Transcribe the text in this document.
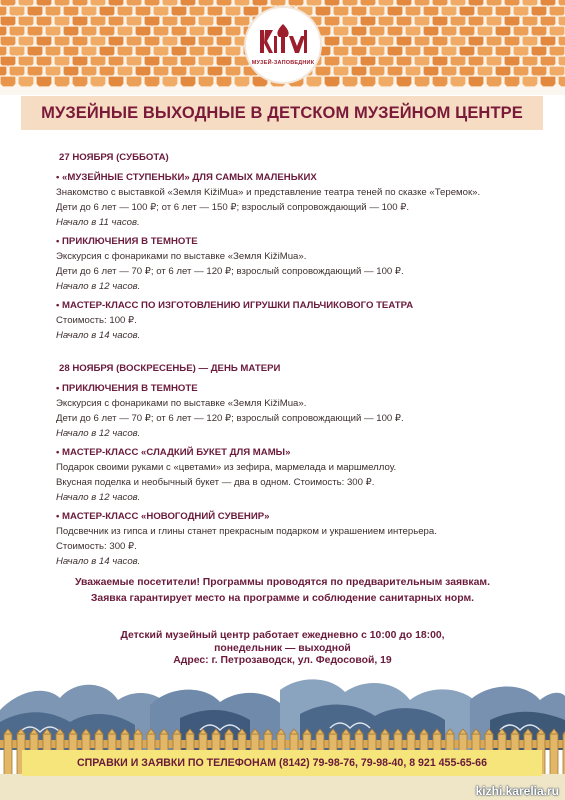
МУЗЕЙ-ЗАПОВЕДНИК
МУЗЕЙНЫЕ ВЫХОДНЫЕ В ДЕТСКОМ МУЗЕЙНОМ ЦЕНТРЕ
27 НОЯБРЯ (СУББОТА)
• «МУЗЕЙНЫЕ СТУПЕНЬКИ» ДЛЯ САМЫХ МАЛЕНЬКИХ
Знакомство с выставкой «Земля KižiMua» и представление театра теней по сказке «Теремок».
Дети до 6 лет — 100 ₽; от 6 лет — 150 ₽; взрослый сопровождающий — 100 ₽.
Начало в 11 часов.
• ПРИКЛЮЧЕНИЯ В ТЕМНОТЕ
Экскурсия с фонариками по выставке «Земля KižiMua».
Дети до 6 лет — 70 ₽; от 6 лет — 120 ₽; взрослый сопровождающий — 100 ₽.
Начало в 12 часов.
• МАСТЕР-КЛАСС ПО ИЗГОТОВЛЕНИЮ ИГРУШКИ ПАЛЬЧИКОВОГО ТЕАТРА
Стоимость: 100 ₽.
Начало в 14 часов.
28 НОЯБРЯ (ВОСКРЕСЕНЬЕ) — ДЕНЬ МАТЕРИ
• ПРИКЛЮЧЕНИЯ В ТЕМНОТЕ
Экскурсия с фонариками по выставке «Земля KižiMua».
Дети до 6 лет — 70 ₽; от 6 лет — 120 ₽; взрослый сопровождающий — 100 ₽.
Начало в 12 часов.
• МАСТЕР-КЛАСС «СЛАДКИЙ БУКЕТ ДЛЯ МАМЫ»
Подарок своими руками с «цветами» из зефира, мармелада и маршмеллоу.
Вкусная поделка и необычный букет — два в одном. Стоимость: 300 ₽.
Начало в 12 часов.
• МАСТЕР-КЛАСС «НОВОГОДНИЙ СУВЕНИР»
Подсвечник из гипса и глины станет прекрасным подарком и украшением интерьера.
Стоимость: 300 ₽.
Начало в 14 часов.
Уважаемые посетители! Программы проводятся по предварительным заявкам.
Заявка гарантирует место на программе и соблюдение санитарных норм.
Детский музейный центр работает ежедневно с 10:00 до 18:00,
понедельник — выходной
Адрес: г. Петрозаводск, ул. Федосовой, 19
СПРАВКИ И ЗАЯВКИ ПО ТЕЛЕФОНАМ (8142) 79-98-76, 79-98-40, 8 921 455-65-66
kizhi.karelia.ru
